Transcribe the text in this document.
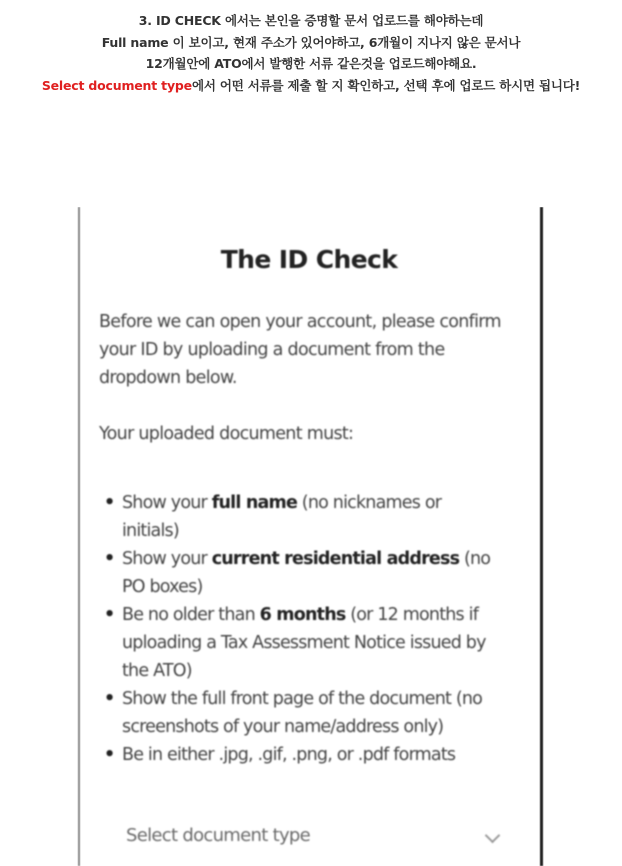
3. ID CHECK 에서는 본인을 증명할 문서 업로드를 해야하는데
Full name 이 보이고, 현재 주소가 있어야하고, 6개월이 지나지 않은 문서나
12개월안에 ATO에서 발행한 서류 같은것을 업로드해야해요.
Select document type에서 어떤 서류를 제출 할 지 확인하고, 선택 후에 업로드 하시면 됩니다!
The ID Check
Before we can open your account, please confirm your ID by uploading a document from the dropdown below.
Your uploaded document must:
• Show your full name (no nicknames or initials)
• Show your current residential address (no PO boxes)
• Be no older than 6 months (or 12 months if uploading a Tax Assessment Notice issued by the ATO)
• Show the full front page of the document (no screenshots of your name/address only)
• Be in either .jpg, .gif, .png, or .pdf formats
Select document type
